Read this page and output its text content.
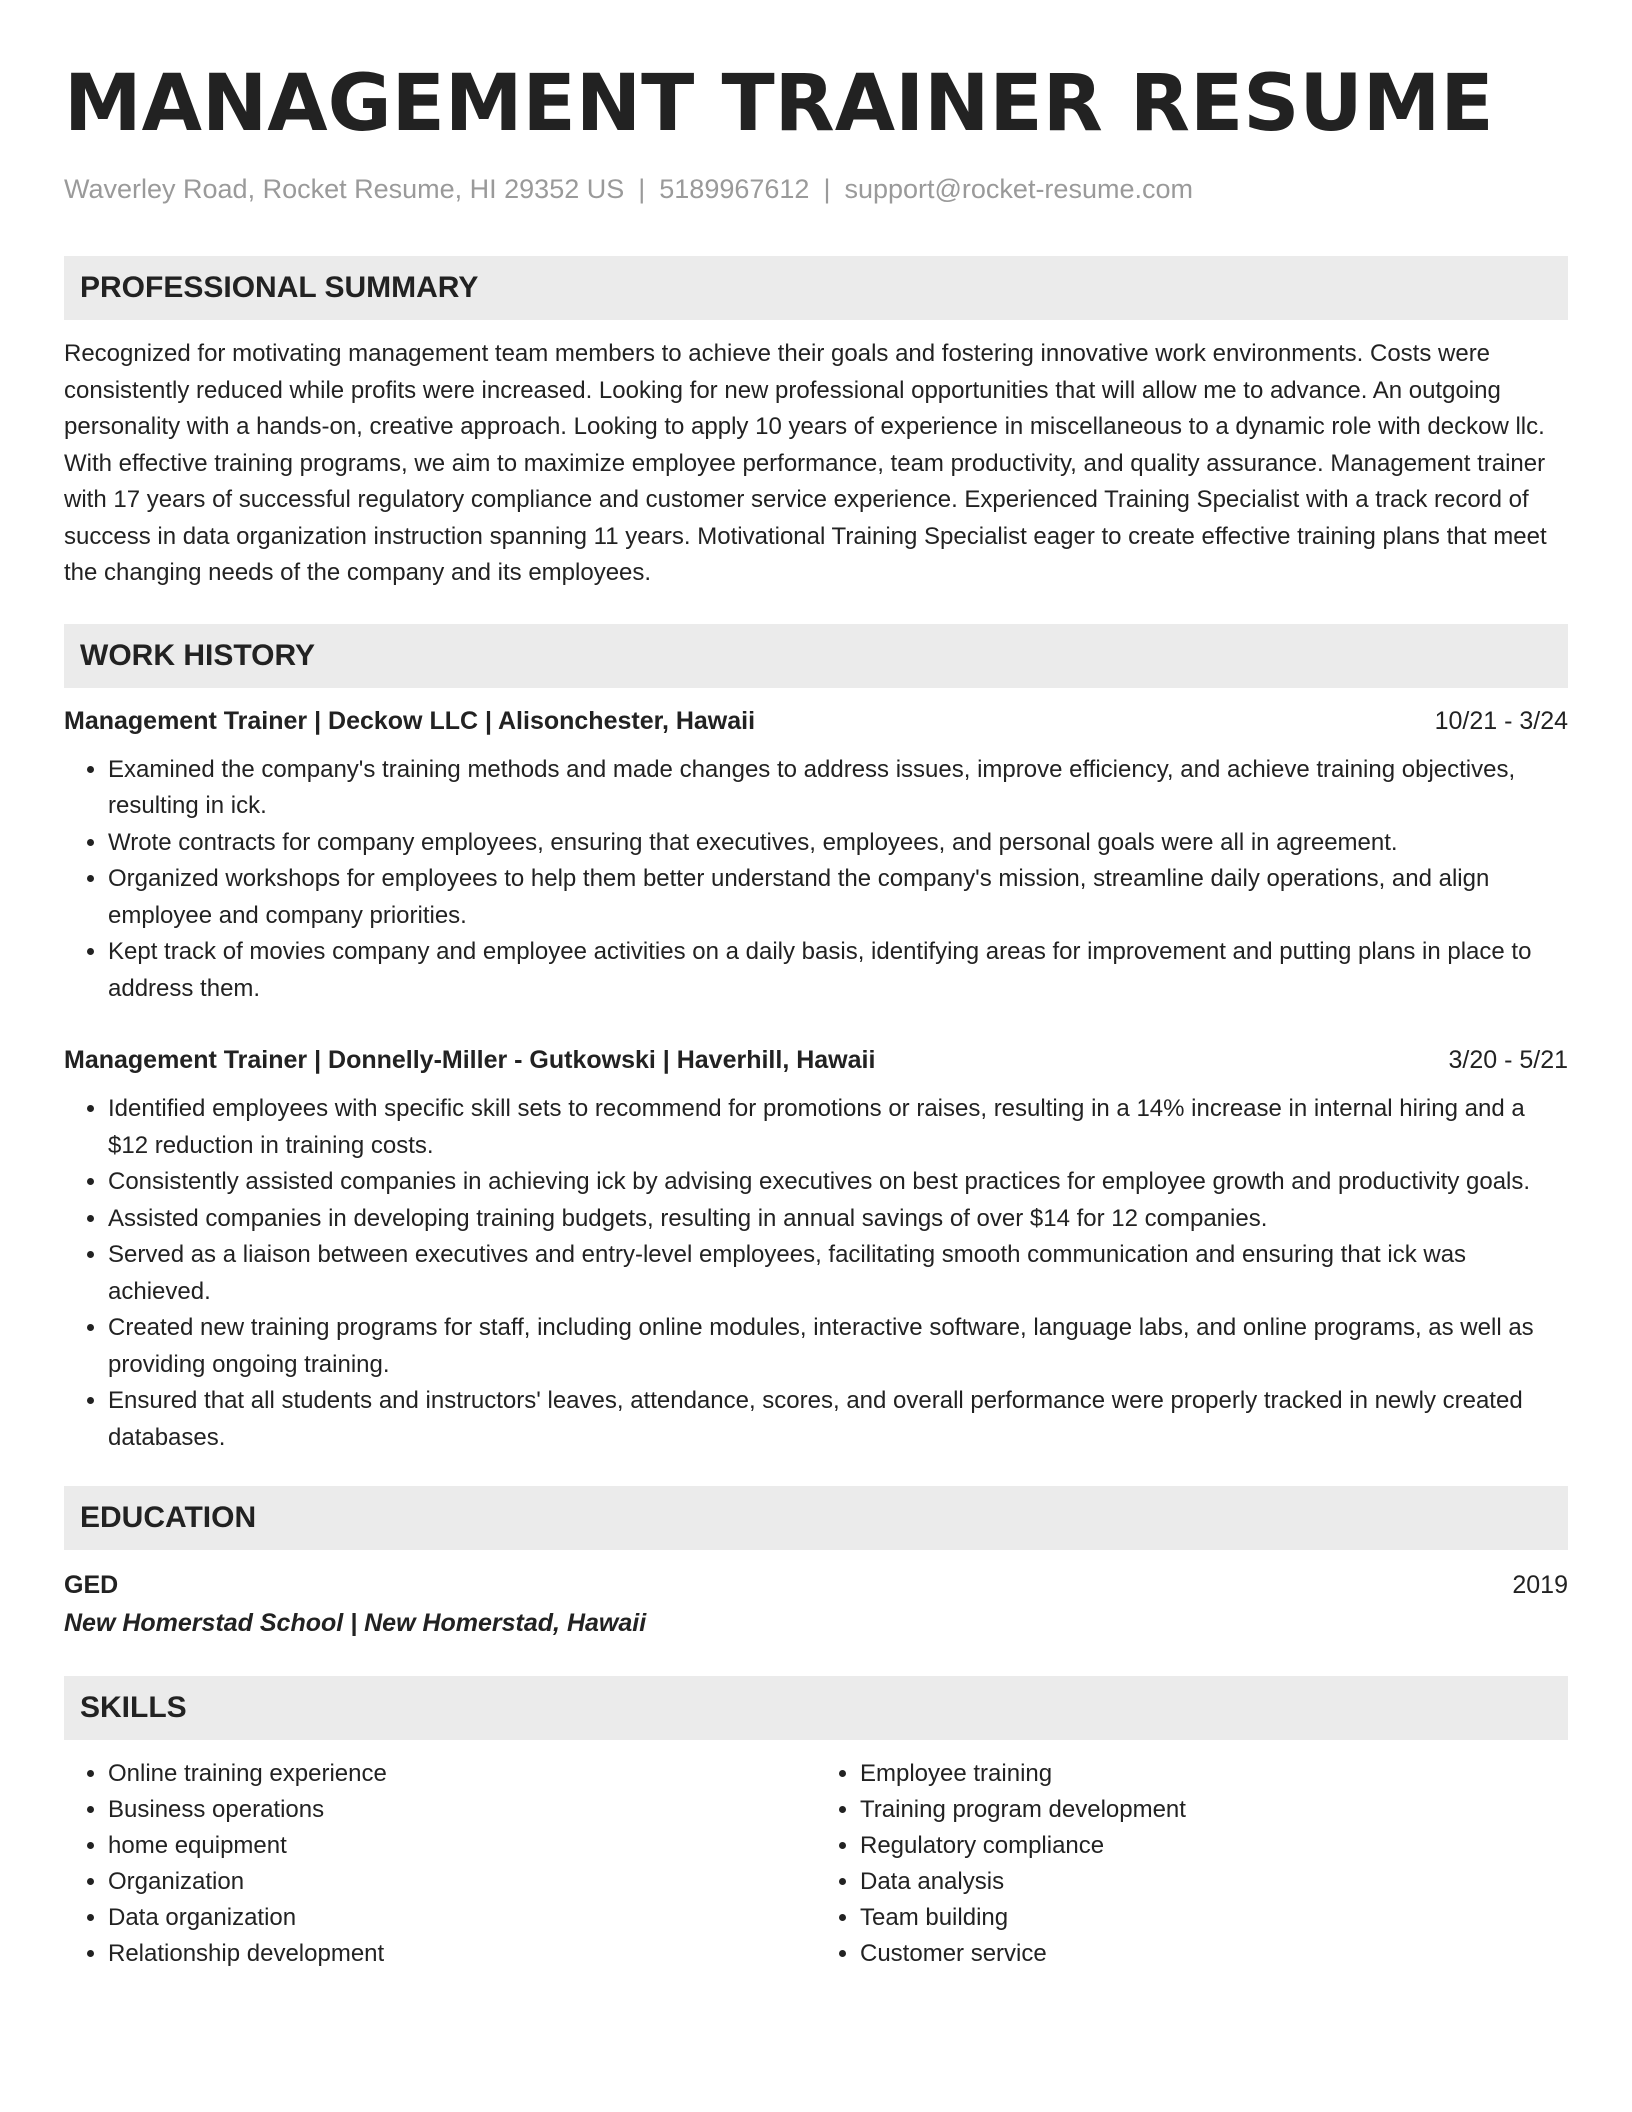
MANAGEMENT TRAINER RESUME
Waverley Road, Rocket Resume, HI 29352 US | 5189967612 | support@rocket-resume.com
PROFESSIONAL SUMMARY

Recognized for motivating management team members to achieve their goals and fostering innovative work environments. Costs were consistently reduced while profits were increased. Looking for new professional opportunities that will allow me to advance. An outgoing personality with a hands-on, creative approach. Looking to apply 10 years of experience in miscellaneous to a dynamic role with deckow llc. With effective training programs, we aim to maximize employee performance, team productivity, and quality assurance. Management trainer with 17 years of successful regulatory compliance and customer service experience. Experienced Training Specialist with a track record of success in data organization instruction spanning 11 years. Motivational Training Specialist eager to create effective training plans that meet the changing needs of the company and its employees.

WORK HISTORY
Management Trainer | Deckow LLC | Alisonchester, Hawaii	10/21 - 3/24
• Examined the company's training methods and made changes to address issues, improve efficiency, and achieve training objectives, resulting in ick.
• Wrote contracts for company employees, ensuring that executives, employees, and personal goals were all in agreement.
• Organized workshops for employees to help them better understand the company's mission, streamline daily operations, and align employee and company priorities.
• Kept track of movies company and employee activities on a daily basis, identifying areas for improvement and putting plans in place to address them.
Management Trainer | Donnelly-Miller - Gutkowski | Haverhill, Hawaii	3/20 - 5/21
• Identified employees with specific skill sets to recommend for promotions or raises, resulting in a 14% increase in internal hiring and a $12 reduction in training costs.
• Consistently assisted companies in achieving ick by advising executives on best practices for employee growth and productivity goals.
• Assisted companies in developing training budgets, resulting in annual savings of over $14 for 12 companies.
• Served as a liaison between executives and entry-level employees, facilitating smooth communication and ensuring that ick was achieved.
• Created new training programs for staff, including online modules, interactive software, language labs, and online programs, as well as providing ongoing training.
• Ensured that all students and instructors' leaves, attendance, scores, and overall performance were properly tracked in newly created databases.
EDUCATION
GED	2019
New Homerstad School | New Homerstad, Hawaii
SKILLS
• Online training experience
• Business operations
• home equipment
• Organization
• Data organization
• Relationship development
• Employee training
• Training program development
• Regulatory compliance
• Data analysis
• Team building
• Customer service
